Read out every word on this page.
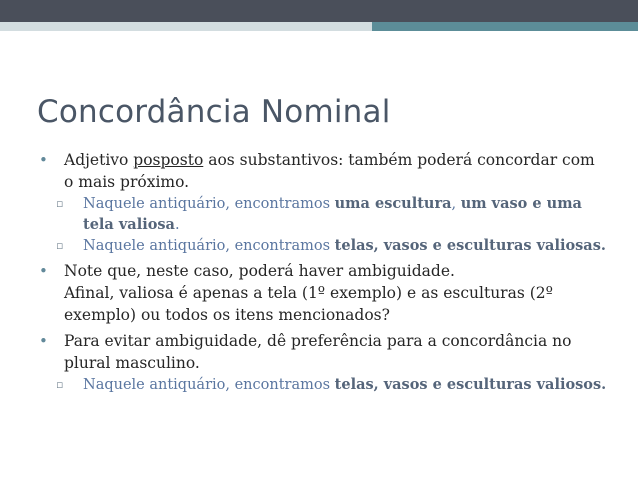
Concordância Nominal
• Adjetivo posposto aos substantivos: também poderá concordar com o mais próximo.
▫ Naquele antiquário, encontramos uma escultura, um vaso e uma tela valiosa.
▫ Naquele antiquário, encontramos telas, vasos e esculturas valiosas.
• Note que, neste caso, poderá haver ambiguidade.
Afinal, valiosa é apenas a tela (1º exemplo) e as esculturas (2º exemplo) ou todos os itens mencionados?
• Para evitar ambiguidade, dê preferência para a concordância no plural masculino.
▫ Naquele antiquário, encontramos telas, vasos e esculturas valiosos.
